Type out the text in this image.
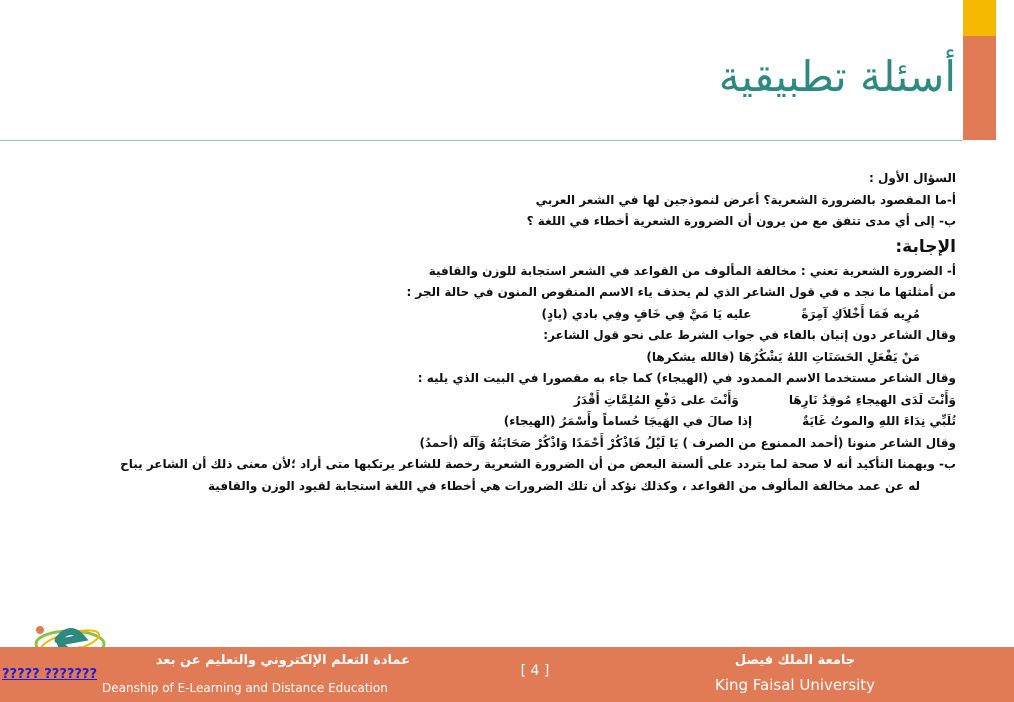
أسئلة تطبيقية
السؤال الأول :
أ-ما المقصود بالضرورة الشعرية؟ أعرض لنموذجين لها في الشعر العربي
ب- إلى أي مدى تتفق مع من يرون أن الضرورة الشعرية أخطاء في اللغة ؟
الإجابة:
أ- الضرورة الشعرية تعني : مخالفة المألوف من القواعد في الشعر استجابة للوزن والقافية
من أمثلتها ما نجد ه في قول الشاعر الذي لم يحذف ياء الاسم المنقوص المنون في حالة الجر :
مُرِيه فَمَا أَخْلاَكِ آمِرَةًعليه يَا مَيَّ فِي خَافٍ وفِي بادي (بادٍ)
وقال الشاعر دون إتيان بالفاء في جواب الشرط على نحو قول الشاعر:
مَنْ يَفْعَلِ الحَسَنَاتِ اللهُ يَشْكُرُهَا (فالله يشكرها)
وقال الشاعر مستخدما الاسم الممدود في (الهيجاء) كما جاء به مقصورا في البيت الذي يليه :
وَأَنْتَ لَدَى الهيجاءِ مُوقِدُ نَارِهَاوَأَنْتَ على دَفْعِ المُلِمَّاتِ أَقْدَرُ
تُلَبِّي نِدَاءَ اللهِ والموتُ غَايَةٌإذا صالَ في الهَيجَا حُساماً وأَسْمَرُ (الهيجاء)
وقال الشاعر منونا (أحمد الممنوع من الصرف ) يَا لَيْلُ فَاذْكُرْ أَحْمَدًا وَاذْكُرْ صَحَابَتُهُ وَآلَه (أحمدُ)
ب- ويهمنا التأكيد أنه لا صحة لما يتردد على ألسنة البعض من أن الضرورة الشعرية رخصة للشاعر يرتكبها متى أراد ؛لأن معنى ذلك أن الشاعر يباح
له عن عمد مخالفة المألوف من القواعد ، وكذلك نؤكد أن تلك الضرورات هي أخطاء في اللغة استجابة لقيود الوزن والقافية
جامعة الملك فيصل
King Faisal University
[ 4 ]
عمادة التعلم الإلكتروني والتعليم عن بعد
Deanship of E-Learning and Distance Education
????? ???????
